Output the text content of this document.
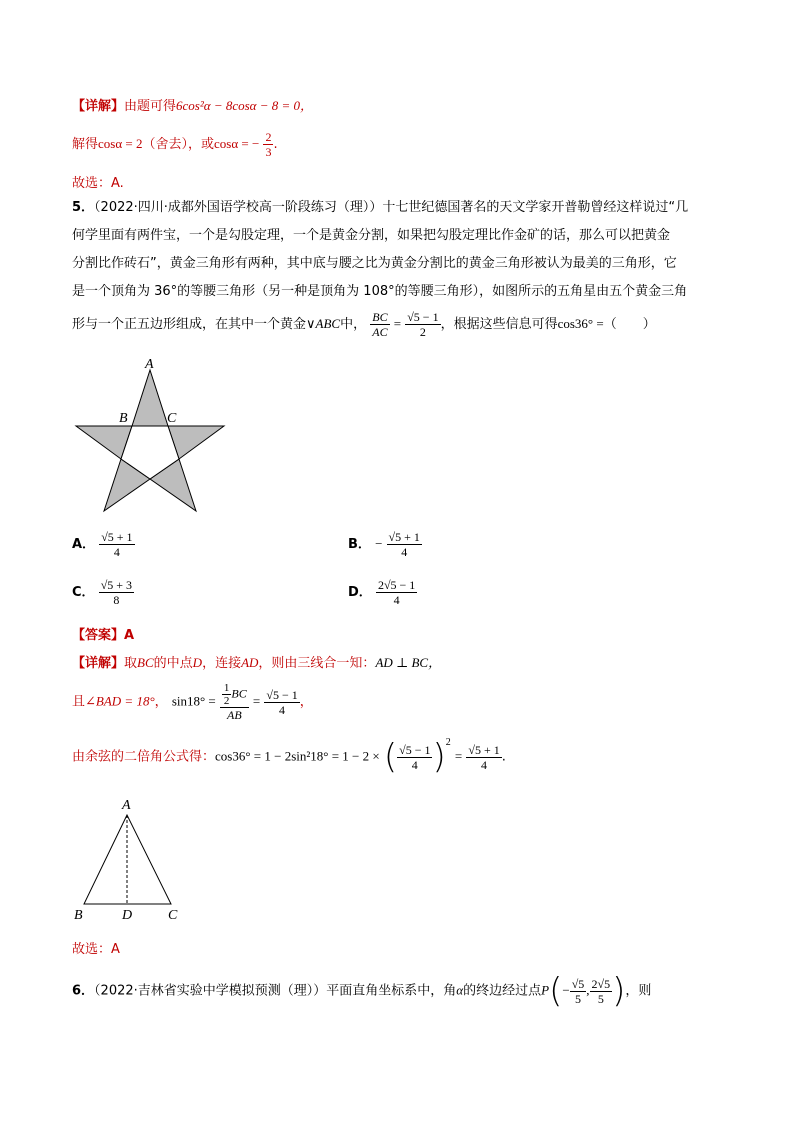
【详解】由题可得6cos²α − 8cosα − 8 = 0，
解得cosα = 2（舍去），或cosα = − $\frac{2}{3}$ .
故选：A.
5．（2022·四川·成都外国语学校高一阶段练习（理））十七世纪德国著名的天文学家开普勒曾经这样说过“几
何学里面有两件宝，一个是勾股定理，一个是黄金分割，如果把勾股定理比作金矿的话，那么可以把黄金
分割比作砖石”，黄金三角形有两种，其中底与腰之比为黄金分割比的黄金三角形被认为最美的三角形，它
是一个顶角为 36°的等腰三角形（另一种是顶角为 108°的等腰三角形），如图所示的五角星由五个黄金三角
形与一个正五边形组成，在其中一个黄金∨ABC中， $\frac{BC}{AC} = \frac{√5 - 1}{2}$ ，根据这些信息可得cos36° =（　　）
A
B	C
A． $\frac{√5 + 1}{4}$	B． − $\frac{√5 + 1}{4}$
C． $\frac{√5 + 3}{8}$	D． $\frac{2√5 - 1}{4}$
【答案】A
【详解】取BC的中点D，连接AD，则由三线合一知：AD ⊥ BC，
且∠BAD = 18°， $\sin 18^\circ = \frac{\frac{1}{2} BC}{AB} = \frac{√5 - 1}{4}$ ，
由余弦的二倍角公式得：cos36° = 1 − 2sin²18° = 1 − 2 × ( $\frac{√5 - 1}{4} )^2 = \frac{√5 + 1}{4}$ .
A
B	D	C
故选：A
6．（2022·吉林省实验中学模拟预测（理））平面直角坐标系中，角α的终边经过点$P(- \frac{√5}{5}$ , $\frac{2√5}{5}$ )，则
